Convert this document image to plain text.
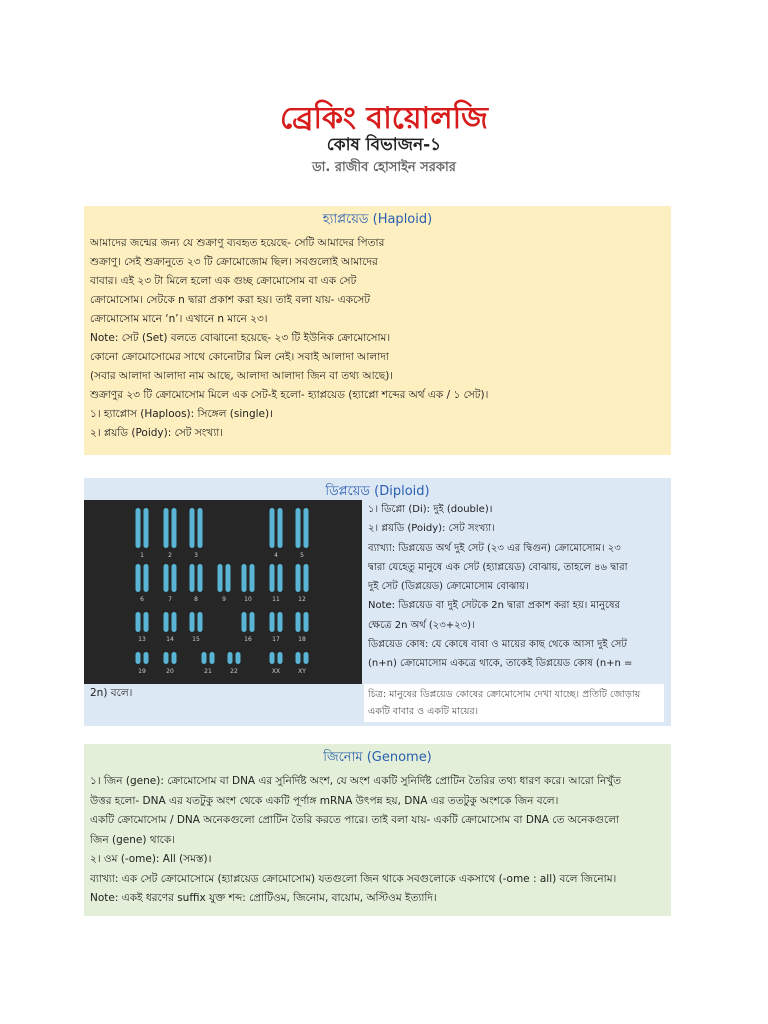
ব্রেকিং বায়োলজি
কোষ বিভাজন-১
ডা. রাজীব হোসাইন সরকার
হ্যাপ্লয়েড (Haploid)
আমাদের জন্মের জন্য যে শুক্রাণু ব্যবহৃত হয়েছে- সেটি আমাদের পিতার
শুক্রাণু। সেই শুক্রানুতে ২৩ টি ক্রোমোজোম ছিল। সবগুলোই আমাদের
বাবার। এই ২৩ টা মিলে হলো এক গুচ্ছ ক্রোমোসোম বা এক সেট
ক্রোমোসোম। সেটকে n দ্বারা প্রকাশ করা হয়। তাই বলা যায়- একসেট
ক্রোমোসোম মানে ‘n’। এখানে n মানে ২৩।
Note: সেট (Set) বলতে বোঝানো হয়েছে- ২৩ টি ইউনিক ক্রোমোসোম।
কোনো ক্রোমোসোমের সাথে কোনোটার মিল নেই। সবাই আলাদা আলাদা
(সবার আলাদা আলাদা নাম আছে, আলাদা আলাদা জিন বা তথ্য আছে)।
শুক্রাণুর ২৩ টি ক্রোমোসোম মিলে এক সেট-ই হলো- হ্যাপ্লয়েড (হ্যাপ্লো শব্দের অর্থ এক / ১ সেট)।
১। হ্যাপ্লোস (Haploos): সিঙ্গেল (single)।
২। প্লয়ডি (Poidy): সেট সংখ্যা।
ডিপ্লয়েড (Diploid)
1	2	3	4	5
6	7	8	9	10	11	12
13	14	15	16	17	18
19	20	21	22	XX	XY
১। ডিপ্লো (Di): দুই (double)।
২। প্লয়ডি (Poidy): সেট সংখ্যা।
ব্যাখ্যা: ডিপ্লয়েড অর্থ দুই সেট (২৩ এর দ্বিগুন) ক্রোমোসোম। ২৩
দ্বারা যেহেতু মানুষে এক সেট (হ্যাপ্লয়েড) বোঝায়, তাহলে ৪৬ দ্বারা
দুই সেট (ডিপ্লয়েড) ক্রোমোসোম বোঝায়।
Note: ডিপ্লয়েড বা দুই সেটকে 2n দ্বারা প্রকাশ করা হয়। মানুষের
ক্ষেত্রে 2n অর্থ (২৩+২৩)।
ডিপ্লয়েড কোষ: যে কোষে বাবা ও মায়ের কাছ থেকে আসা দুই সেট
(n+n) ক্রোমোসোম একত্রে থাকে, তাকেই ডিপ্লয়েড কোষ (n+n =
2n) বলে।	চিত্র: মানুষের ডিপ্লয়েড কোষের ক্রোমোসোম দেখা যাচ্ছে। প্রতিটি জোড়ায় একটি বাবার ও একটি মায়ের।
জিনোম (Genome)
১। জিন (gene): ক্রোমোসোম বা DNA এর সুনির্দিষ্ট অংশ, যে অংশ একটি সুনির্দিষ্ট প্রোটিন তৈরির তথ্য ধারণ করে। আরো নিখুঁত
উত্তর হলো- DNA এর যতটুকু অংশ থেকে একটি পূর্ণাঙ্গ mRNA উৎপন্ন হয়, DNA এর ততটুকু অংশকে জিন বলে।
একটি ক্রোমোসোম / DNA অনেকগুলো প্রোটিন তৈরি করতে পারে। তাই বলা যায়- একটি ক্রোমোসোম বা DNA তে অনেকগুলো
জিন (gene) থাকে।
২। ওম (-ome): All (সমস্ত)।
ব্যাখ্যা: এক সেট ক্রোমোসোমে (হ্যাপ্লয়েড ক্রোমোসোম) যতগুলো জিন থাকে সবগুলোকে একসাথে (-ome : all) বলে জিনোম।
Note: একই ধরণের suffix যুক্ত শব্দ: প্রোটিওম, জিনোম, বায়োম, অস্টিওম ইত্যাদি।
